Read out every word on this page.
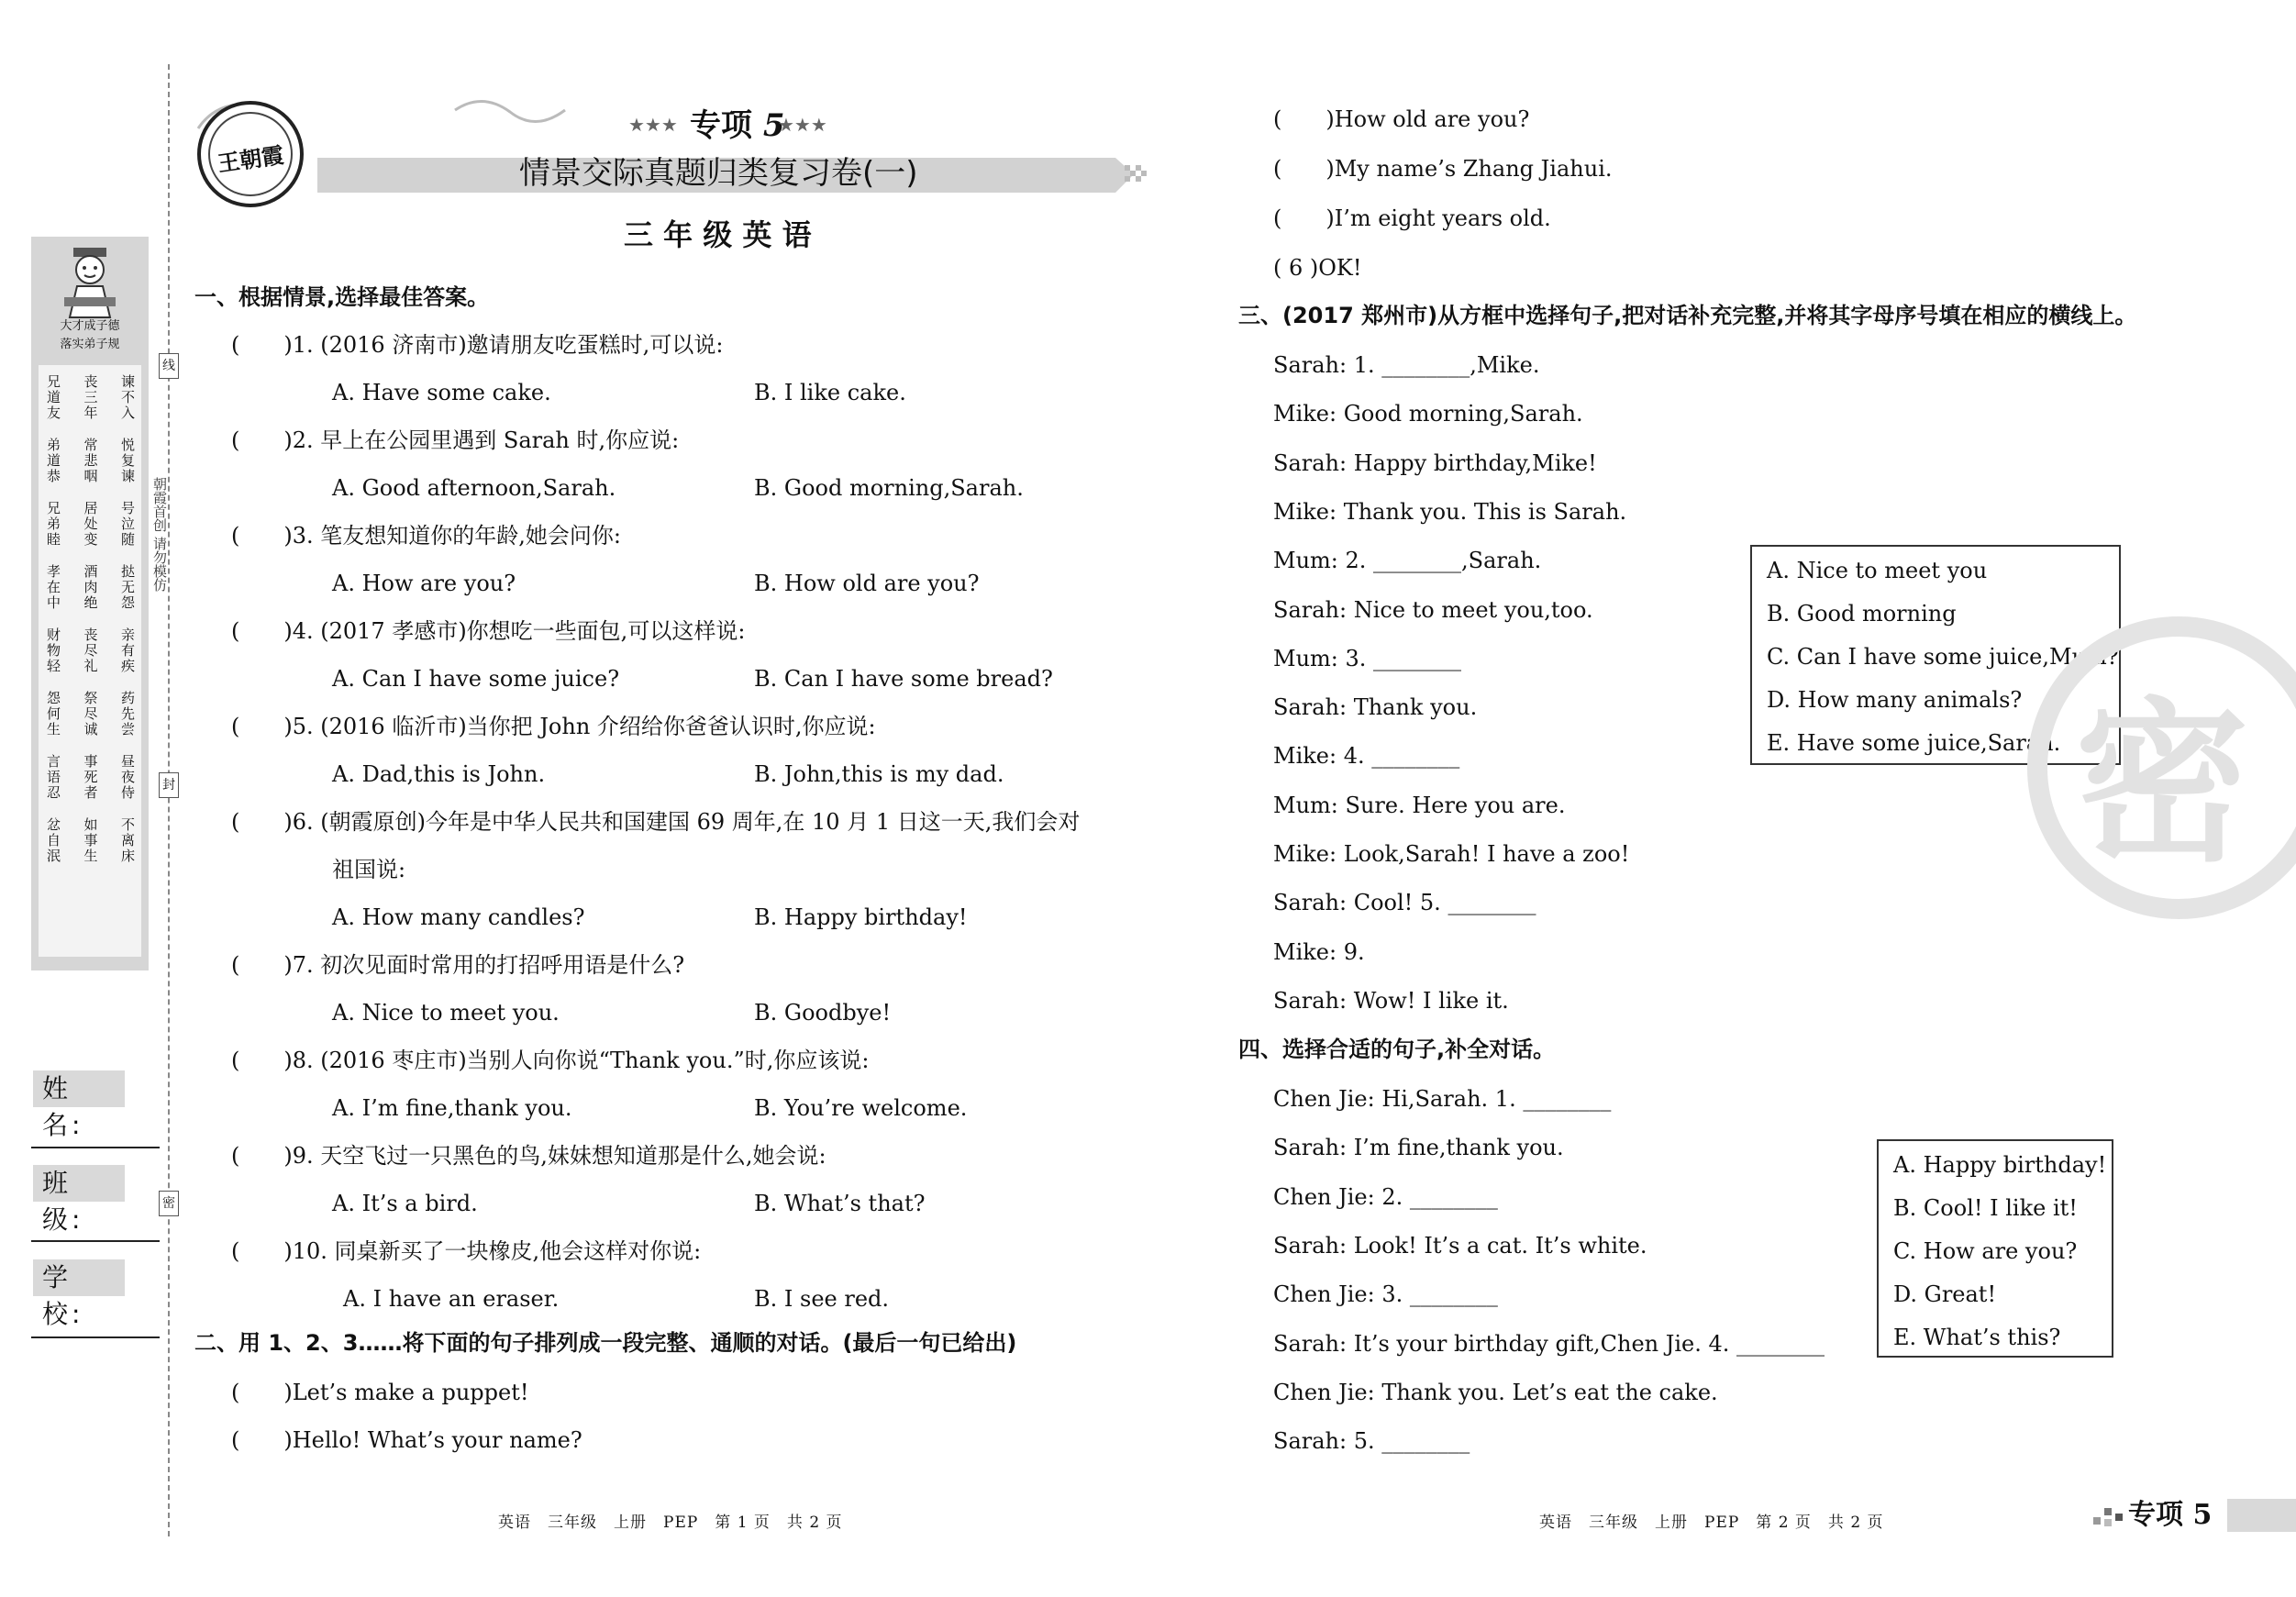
大才成子德
落实弟子规
兄道友 丧三年 谏不入
弟道恭 常悲咽 悦复谏
兄弟睦 居处变 号泣随
孝在中 酒肉绝 挞无怨
财物轻 丧尽礼 亲有疾
怨何生 祭尽诚 药先尝
言语忍 事死者 昼夜侍
忿自泯 如事生 不离床
姓 名:
班 级:
学 校:
线
封
密
朝霞首创 请勿模仿
王朝霞
★★★ 专项 5
★★★
情景交际真题归类复习卷(一)
三 年 级 英 语
一、根据情景,选择最佳答案。
(　　)1. (2016 济南市)邀请朋友吃蛋糕时,可以说:
A. Have some cake.	B. I like cake.
(　　)2. 早上在公园里遇到 Sarah 时,你应说:
A. Good afternoon,Sarah.	B. Good morning,Sarah.
(　　)3. 笔友想知道你的年龄,她会问你:
A. How are you?	B. How old are you?
(　　)4. (2017 孝感市)你想吃一些面包,可以这样说:
A. Can I have some juice?	B. Can I have some bread?
(　　)5. (2016 临沂市)当你把 John 介绍给你爸爸认识时,你应说:
A. Dad,this is John.	B. John,this is my dad.
(　　)6. (朝霞原创)今年是中华人民共和国建国 69 周年,在 10 月 1 日这一天,我们会对
祖国说:
A. How many candles?	B. Happy birthday!
(　　)7. 初次见面时常用的打招呼用语是什么?
A. Nice to meet you.	B. Goodbye!
(　　)8. (2016 枣庄市)当别人向你说“Thank you.”时,你应该说:
A. I’m fine,thank you.	B. You’re welcome.
(　　)9. 天空飞过一只黑色的鸟,妹妹想知道那是什么,她会说:
A. It’s a bird.	B. What’s that?
(　　)10. 同桌新买了一块橡皮,他会这样对你说:
A. I have an eraser.	B. I see red.
二、用 1、2、3……将下面的句子排列成一段完整、通顺的对话。(最后一句已给出)
(　　)Let’s make a puppet!
(　　)Hello! What’s your name?
(　　)How old are you?
(　　)My name’s Zhang Jiahui.
(　　)I’m eight years old.
( 6 )OK!
三、(2017 郑州市)从方框中选择句子,把对话补充完整,并将其字母序号填在相应的横线上。
Sarah: 1. ________,Mike.
Mike: Good morning,Sarah.
Sarah: Happy birthday,Mike!
Mike: Thank you. This is Sarah.
Mum: 2. ________,Sarah.
Sarah: Nice to meet you,too.
Mum: 3. ________
Sarah: Thank you.
Mike: 4. ________
Mum: Sure. Here you are.
Mike: Look,Sarah! I have a zoo!
Sarah: Cool! 5. ________
Mike: 9.
Sarah: Wow! I like it.
A. Nice to meet you
B. Good morning
C. Can I have some juice,Mum?
D. How many animals?
E. Have some juice,Sarah.
四、选择合适的句子,补全对话。
Chen Jie: Hi,Sarah. 1. ________
Sarah: I’m fine,thank you.
Chen Jie: 2. ________
Sarah: Look! It’s a cat. It’s white.
Chen Jie: 3. ________
Sarah: It’s your birthday gift,Chen Jie. 4. ________
Chen Jie: Thank you. Let’s eat the cake.
Sarah: 5. ________
A. Happy birthday!
B. Cool! I like it!
C. How are you?
D. Great!
E. What’s this?
密
英语　三年级　上册　PEP　第 1 页　共 2 页	英语　三年级　上册　PEP　第 2 页　共 2 页	专项 5
